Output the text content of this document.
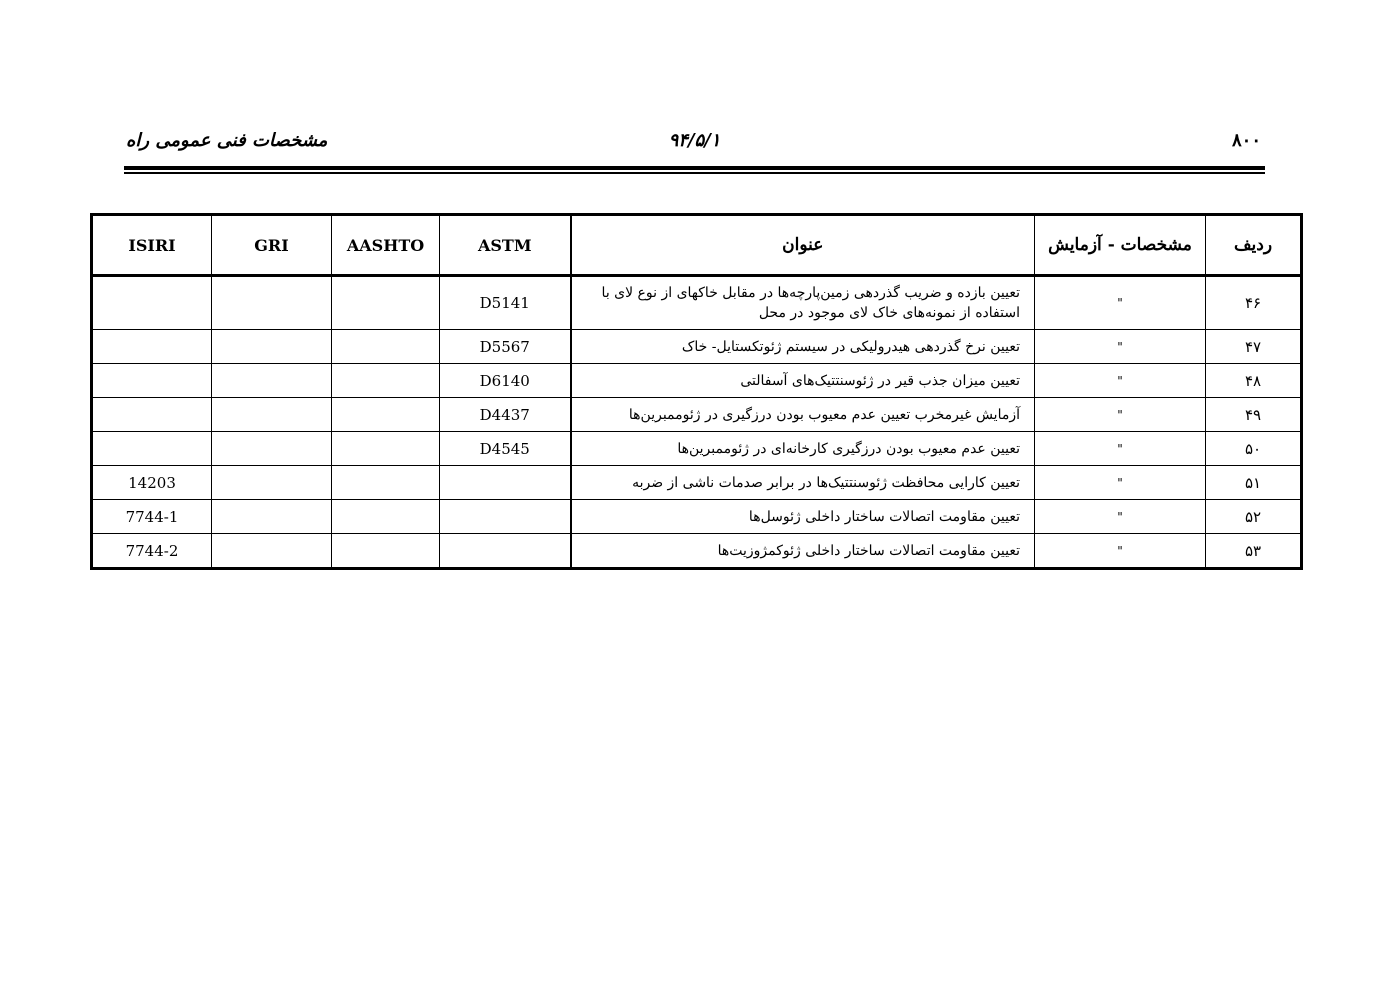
مشخصات فنی عمومی راه	۹۴/۵/۱	۸۰۰
ISIRI	GRI	AASHTO	ASTM	عنوان	مشخصات - آزمایش	ردیف
			D5141	تعیین بازده و ضریب گذردهی زمین‌پارچه‌ها در مقابل خاکهای از نوع لای با استفاده از نمونه‌های خاک لای موجود در محل	"	۴۶
			D5567	تعیین نرخ گذردهی هیدرولیکی در سیستم ژئوتکستایل- خاک	"	۴۷
			D6140	تعیین میزان جذب قیر در ژئوسنتتیک‌های آسفالتی	"	۴۸
			D4437	آزمایش غیرمخرب تعیین عدم معیوب بودن درزگیری در ژئوممبرین‌ها	"	۴۹
			D4545	تعیین عدم معیوب بودن درزگیری کارخانه‌ای در ژئوممبرین‌ها	"	۵۰
14203				تعیین کارایی محافظت ژئوسنتتیک‌ها در برابر صدمات ناشی از ضربه	"	۵۱
7744-1				تعیین مقاومت اتصالات ساختار داخلی ژئوسل‌ها	"	۵۲
7744-2				تعیین مقاومت اتصالات ساختار داخلی ژئوکمژوزیت‌ها	"	۵۳
